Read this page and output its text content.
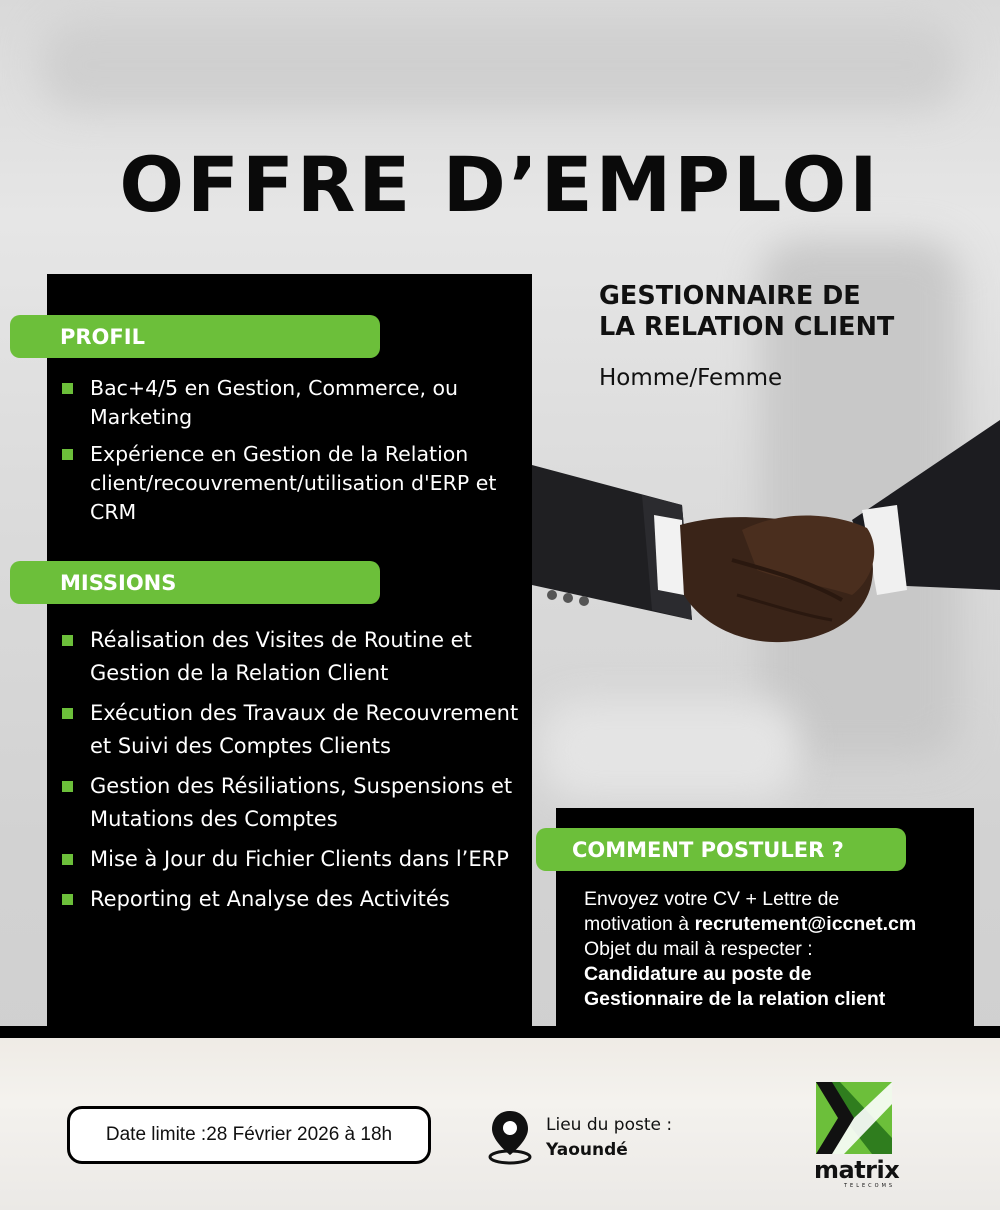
OFFRE D’EMPLOI
PROFIL
Bac+4/5 en Gestion, Commerce, ou Marketing
Expérience en Gestion de la Relation client/recouvrement/utilisation d'ERP et CRM
MISSIONS
Réalisation des Visites de Routine et Gestion de la Relation Client
Exécution des Travaux de Recouvrement et Suivi des Comptes Clients
Gestion des Résiliations, Suspensions et Mutations des Comptes
Mise à Jour du Fichier Clients dans l’ERP
Reporting et Analyse des Activités
GESTIONNAIRE DE
LA RELATION CLIENT
Homme/Femme
COMMENT POSTULER ?
Envoyez votre CV + Lettre de
motivation à recrutement@iccnet.cm
Objet du mail à respecter :
Candidature au poste de
Gestionnaire de la relation client
Date limite :28 Février 2026 à 18h	Lieu du poste :
Yaoundé
matrix
TELECOMS
